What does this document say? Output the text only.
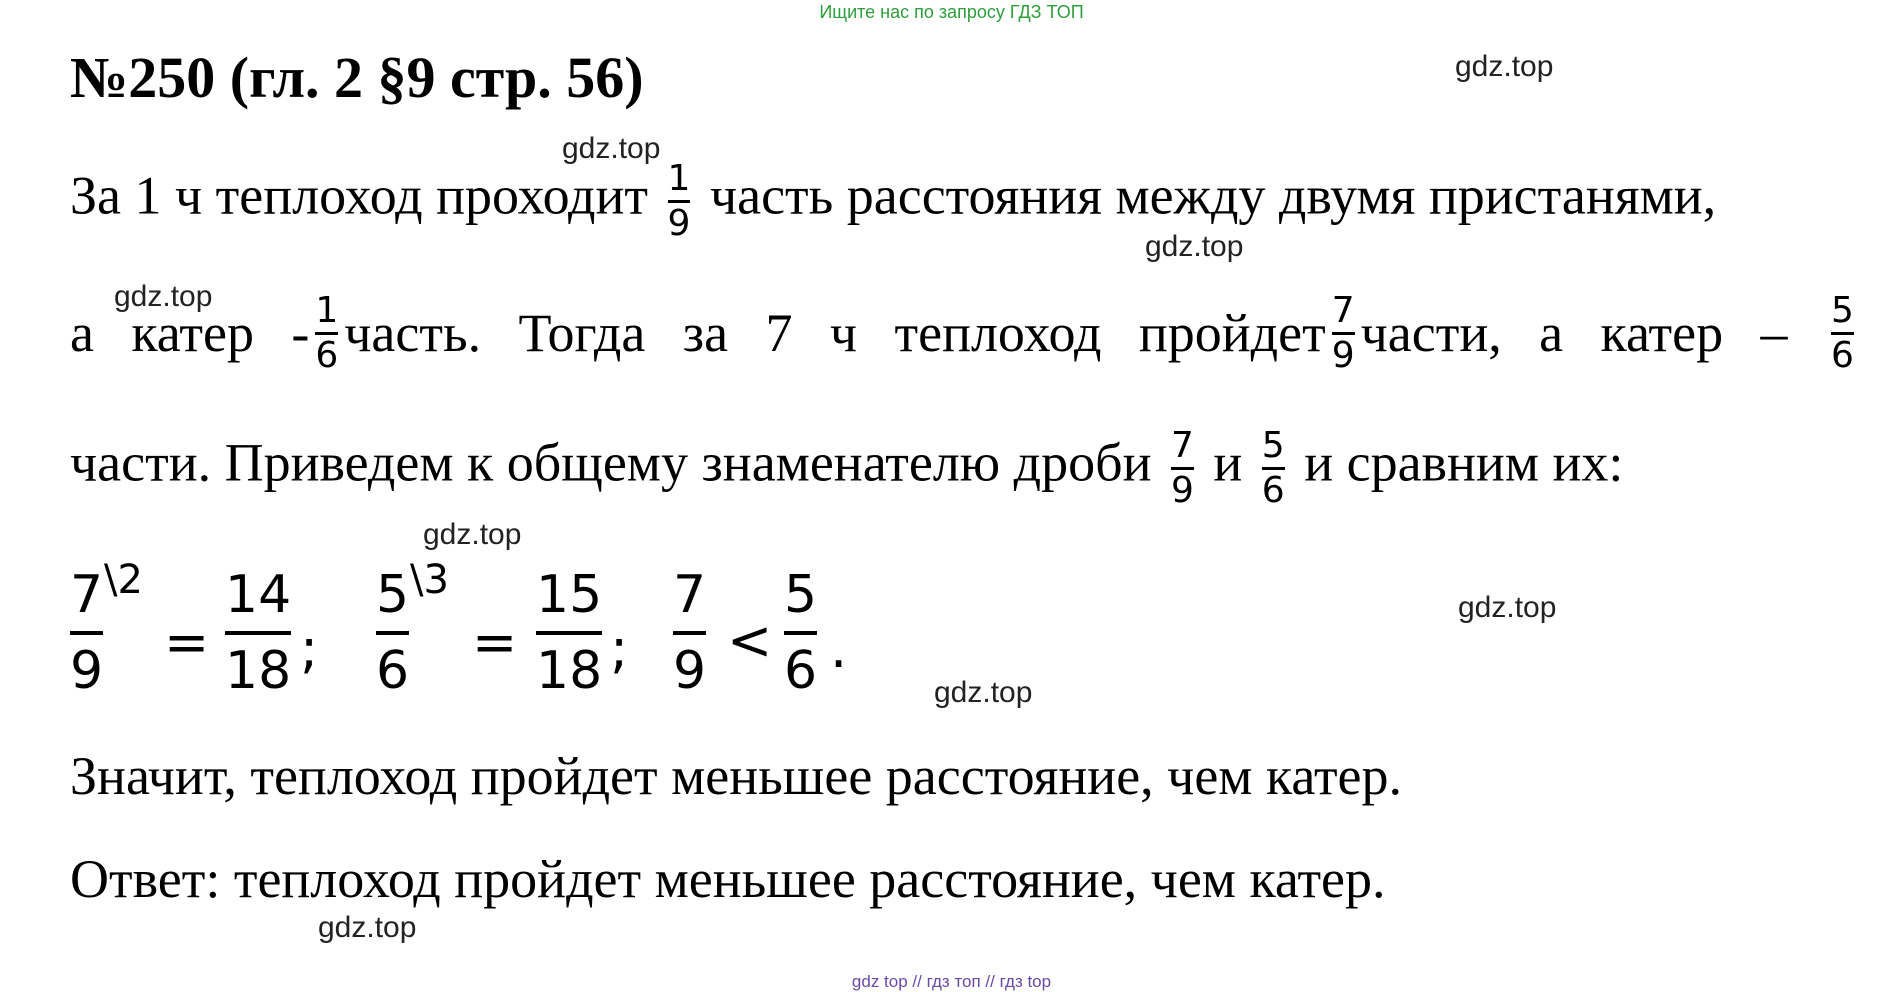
Ищите нас по запросу ГДЗ ТОП
№250 (гл. 2 §9 стр. 56)	gdz.top
gdz.top
gdz.top
gdz.top
gdz.top
gdz.top
gdz.top
gdz.top
За 1 ч теплоход проходит $\frac{1}{9}$ часть расстояния между двумя пристанями,
а катер - $\frac{1}{6}$ часть. Тогда за 7 ч теплоход пройдет $\frac{7}{9}$ части, а катер – $\frac{5}{6}$
части. Приведем к общему знаменателю дроби $\frac{7}{9}$ и $\frac{5}{6}$ и сравним их:
7
9
\2
=
14
18 ;
5
6
\3
=
15
18 ;
7
9 <
5
6 .
Значит, теплоход пройдет меньшее расстояние, чем катер.
Ответ: теплоход пройдет меньшее расстояние, чем катер.
gdz top // гдз топ // гдз top
